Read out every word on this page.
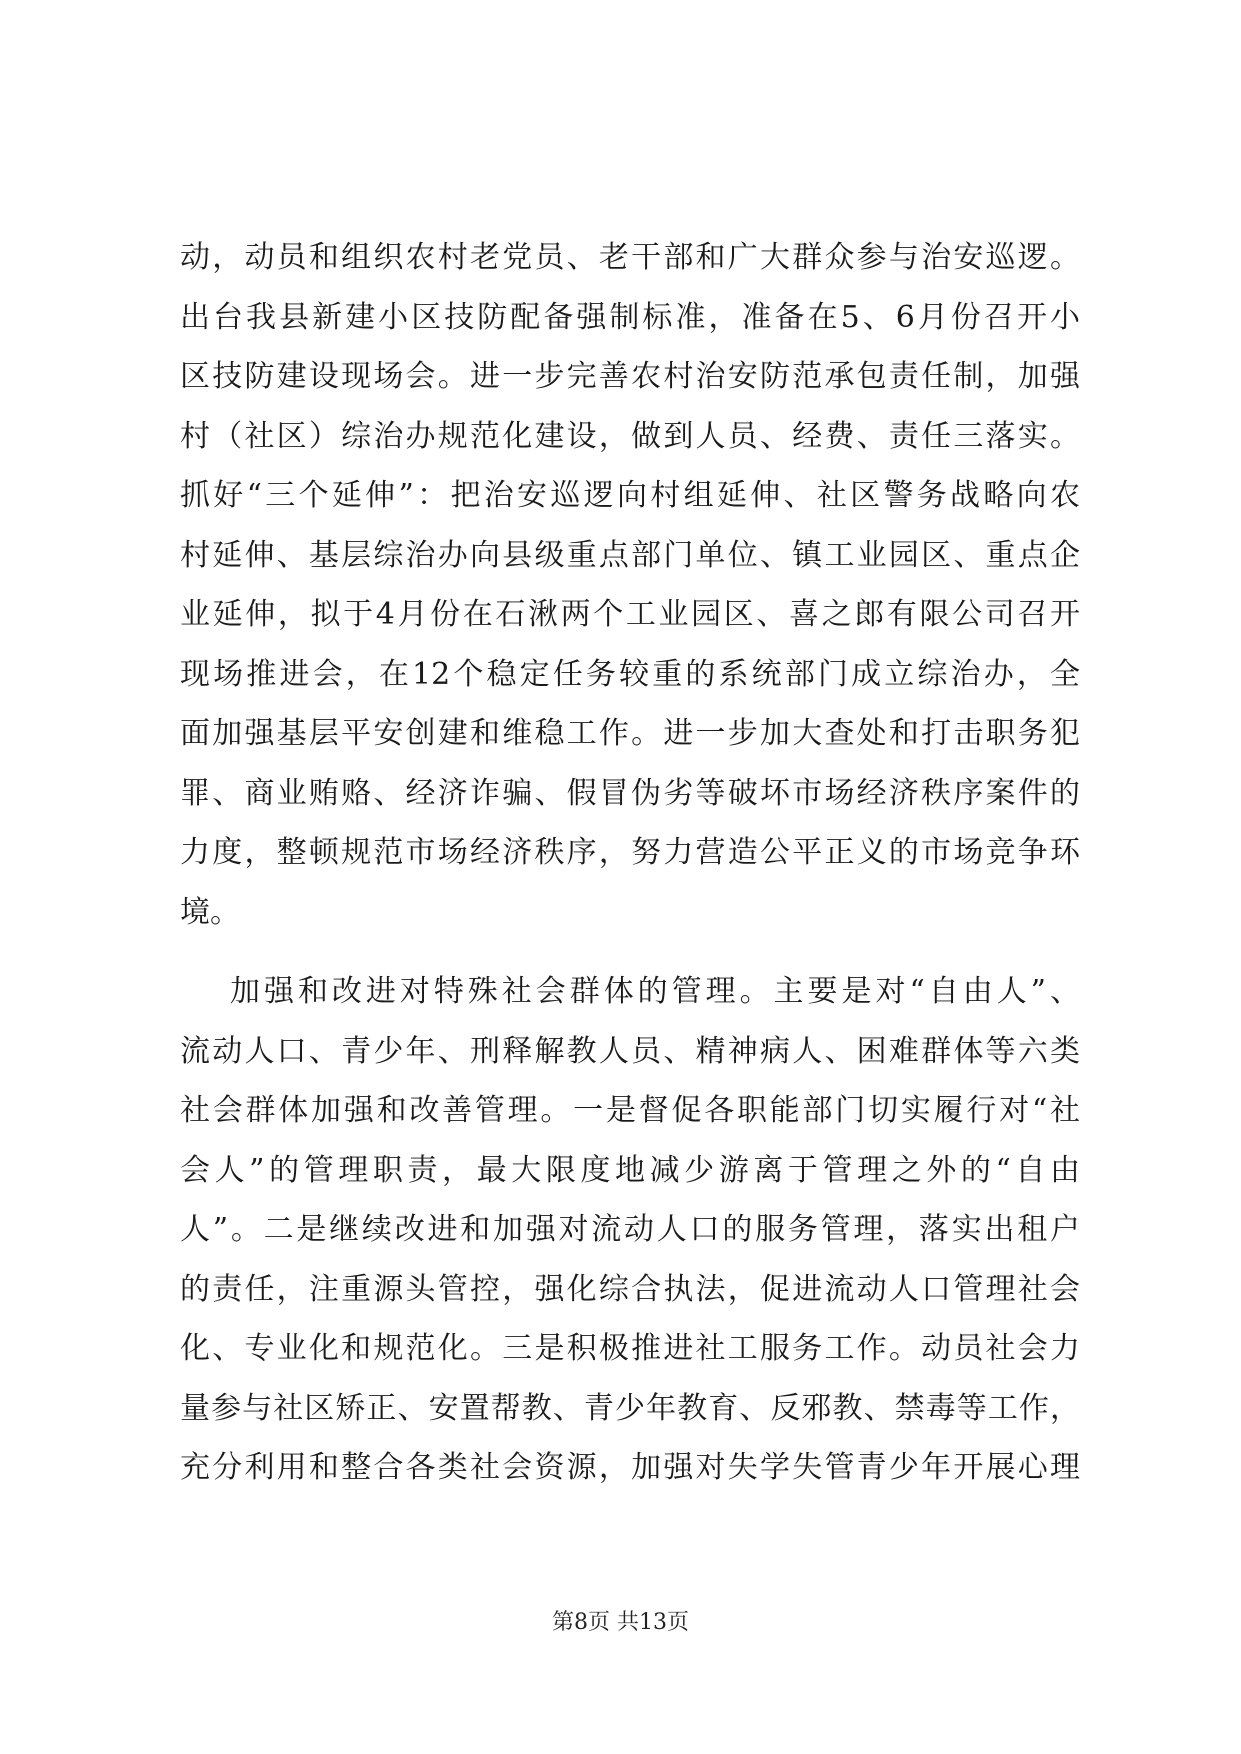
动，动员和组织农村老党员、老干部和广大群众参与治安巡逻。
出台我县新建小区技防配备强制标准，准备在5、6月份召开小
区技防建设现场会。进一步完善农村治安防范承包责任制，加强
村（社区）综治办规范化建设，做到人员、经费、责任三落实。
抓好“三个延伸”：把治安巡逻向村组延伸、社区警务战略向农
村延伸、基层综治办向县级重点部门单位、镇工业园区、重点企
业延伸，拟于4月份在石湫两个工业园区、喜之郎有限公司召开
现场推进会，在12个稳定任务较重的系统部门成立综治办，全
面加强基层平安创建和维稳工作。进一步加大查处和打击职务犯
罪、商业贿赂、经济诈骗、假冒伪劣等破坏市场经济秩序案件的
力度，整顿规范市场经济秩序，努力营造公平正义的市场竞争环
境。
加强和改进对特殊社会群体的管理。主要是对“自由人”、
流动人口、青少年、刑释解教人员、精神病人、困难群体等六类
社会群体加强和改善管理。一是督促各职能部门切实履行对“社
会人”的管理职责，最大限度地减少游离于管理之外的“自由
人”。二是继续改进和加强对流动人口的服务管理，落实出租户
的责任，注重源头管控，强化综合执法，促进流动人口管理社会
化、专业化和规范化。三是积极推进社工服务工作。动员社会力
量参与社区矫正、安置帮教、青少年教育、反邪教、禁毒等工作，
充分利用和整合各类社会资源，加强对失学失管青少年开展心理
第8页 共13页
